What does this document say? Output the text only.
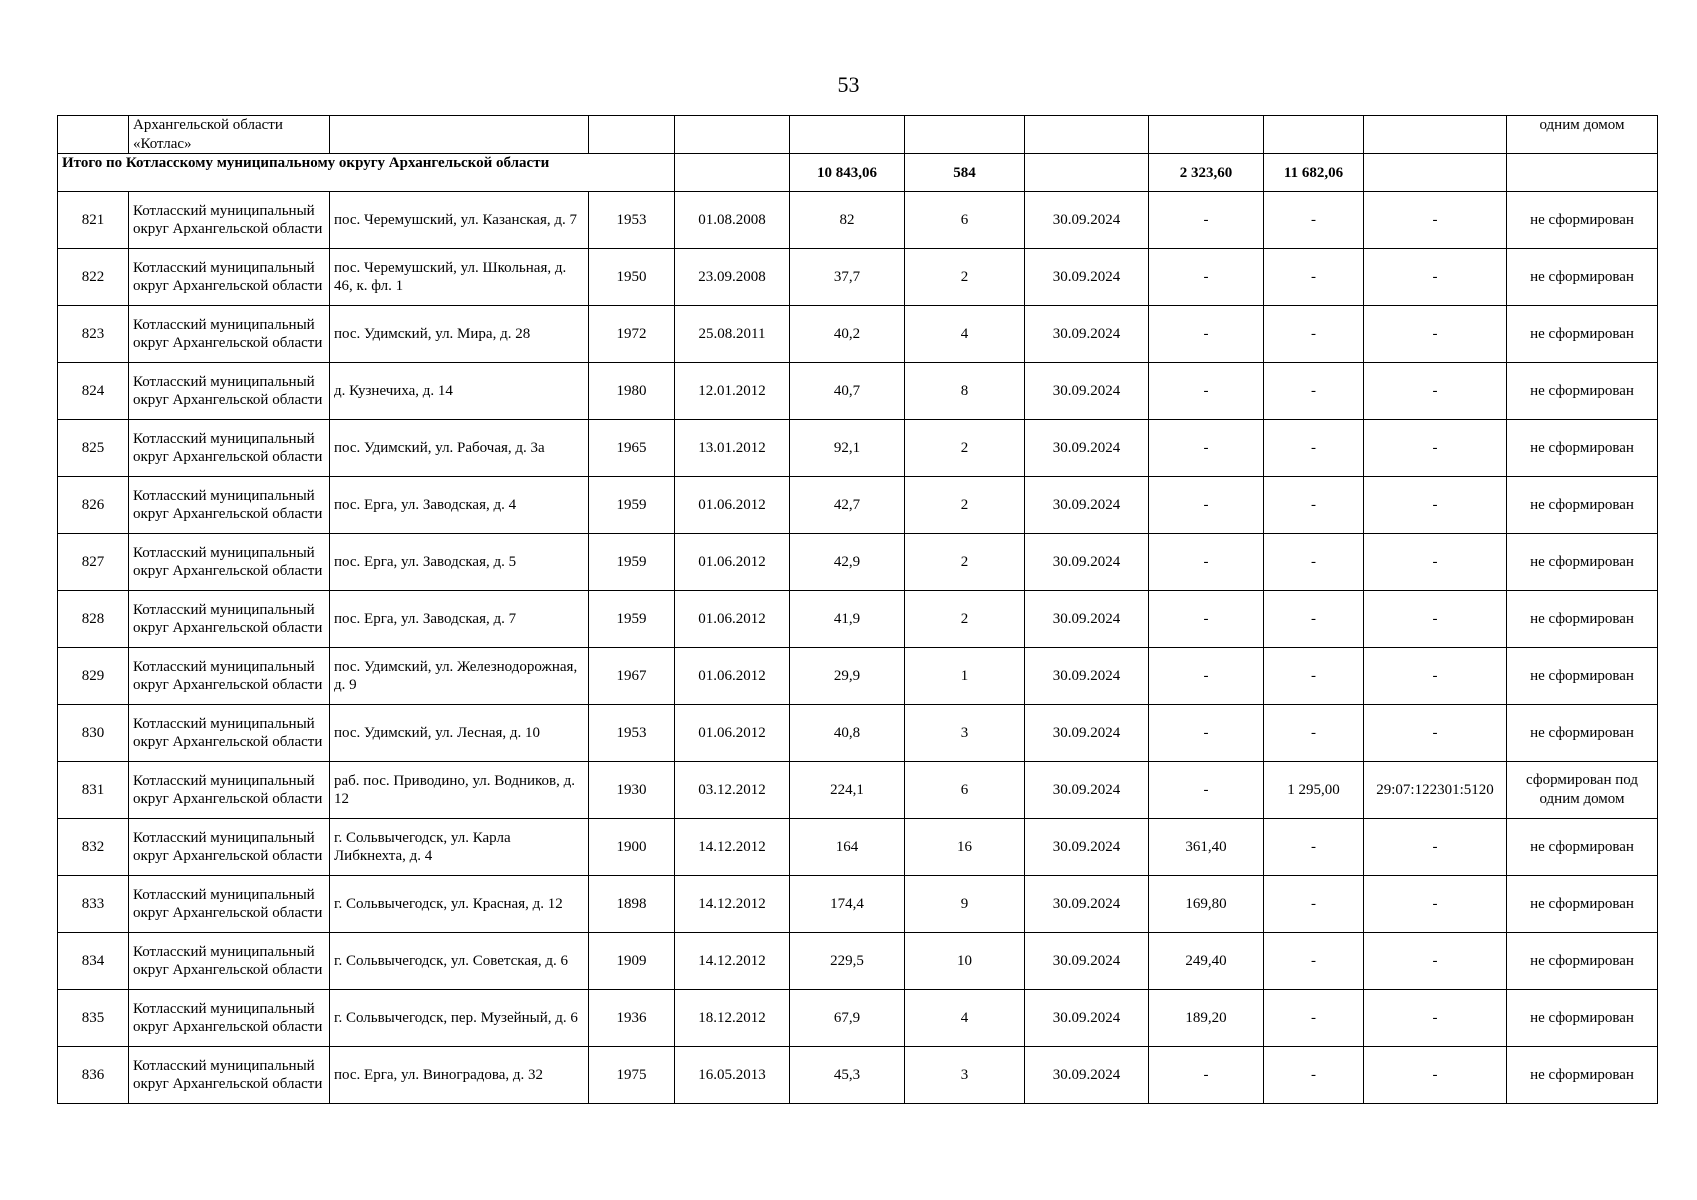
53
	Архангельской области «Котлас»										одним домом
Итого по Котласскому муниципальному округу Архангельской области					10 843,06	584		2 323,60	11 682,06		
821	Котласский муниципальный округ Архангельской области	пос. Черемушский, ул. Казанская, д. 7	1953	01.08.2008	82	6	30.09.2024	-	-	-	не сформирован
822	Котласский муниципальный округ Архангельской области	пос. Черемушский, ул. Школьная, д. 46, к. фл. 1	1950	23.09.2008	37,7	2	30.09.2024	-	-	-	не сформирован
823	Котласский муниципальный округ Архангельской области	пос. Удимский, ул. Мира, д. 28	1972	25.08.2011	40,2	4	30.09.2024	-	-	-	не сформирован
824	Котласский муниципальный округ Архангельской области	д. Кузнечиха, д. 14	1980	12.01.2012	40,7	8	30.09.2024	-	-	-	не сформирован
825	Котласский муниципальный округ Архангельской области	пос. Удимский, ул. Рабочая, д. 3а	1965	13.01.2012	92,1	2	30.09.2024	-	-	-	не сформирован
826	Котласский муниципальный округ Архангельской области	пос. Ерга, ул. Заводская, д. 4	1959	01.06.2012	42,7	2	30.09.2024	-	-	-	не сформирован
827	Котласский муниципальный округ Архангельской области	пос. Ерга, ул. Заводская, д. 5	1959	01.06.2012	42,9	2	30.09.2024	-	-	-	не сформирован
828	Котласский муниципальный округ Архангельской области	пос. Ерга, ул. Заводская, д. 7	1959	01.06.2012	41,9	2	30.09.2024	-	-	-	не сформирован
829	Котласский муниципальный округ Архангельской области	пос. Удимский, ул. Железнодорожная, д. 9	1967	01.06.2012	29,9	1	30.09.2024	-	-	-	не сформирован
830	Котласский муниципальный округ Архангельской области	пос. Удимский, ул. Лесная, д. 10	1953	01.06.2012	40,8	3	30.09.2024	-	-	-	не сформирован
831	Котласский муниципальный округ Архангельской области	раб. пос. Приводино, ул. Водников, д. 12	1930	03.12.2012	224,1	6	30.09.2024	-	1 295,00	29:07:122301:5120	сформирован под одним домом
832	Котласский муниципальный округ Архангельской области	г. Сольвычегодск, ул. Карла Либкнехта, д. 4	1900	14.12.2012	164	16	30.09.2024	361,40	-	-	не сформирован
833	Котласский муниципальный округ Архангельской области	г. Сольвычегодск, ул. Красная, д. 12	1898	14.12.2012	174,4	9	30.09.2024	169,80	-	-	не сформирован
834	Котласский муниципальный округ Архангельской области	г. Сольвычегодск, ул. Советская, д. 6	1909	14.12.2012	229,5	10	30.09.2024	249,40	-	-	не сформирован
835	Котласский муниципальный округ Архангельской области	г. Сольвычегодск, пер. Музейный, д. 6	1936	18.12.2012	67,9	4	30.09.2024	189,20	-	-	не сформирован
836	Котласский муниципальный округ Архангельской области	пос. Ерга, ул. Виноградова, д. 32	1975	16.05.2013	45,3	3	30.09.2024	-	-	-	не сформирован
